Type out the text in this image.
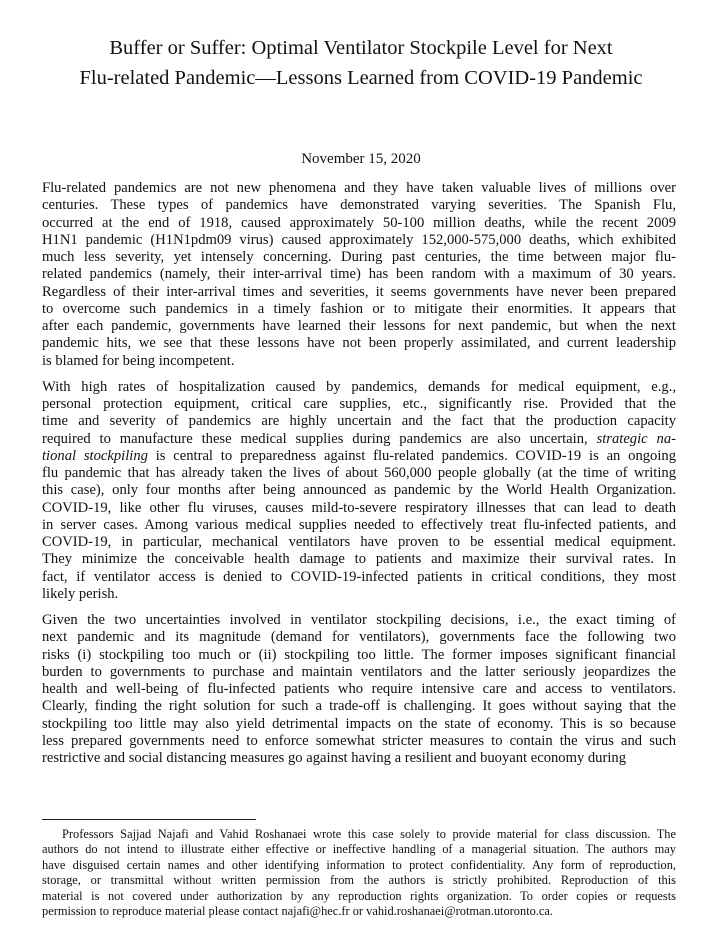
Buffer or Suffer: Optimal Ventilator Stockpile Level for Next
Flu-related Pandemic—Lessons Learned from COVID-19 Pandemic
November 15, 2020
Flu-related pandemics are not new phenomena and they have taken valuable lives of millions over
centuries. These types of pandemics have demonstrated varying severities. The Spanish Flu,
occurred at the end of 1918, caused approximately 50-100 million deaths, while the recent 2009
H1N1 pandemic (H1N1pdm09 virus) caused approximately 152,000-575,000 deaths, which exhibited
much less severity, yet intensely concerning. During past centuries, the time between major flu-
related pandemics (namely, their inter-arrival time) has been random with a maximum of 30 years.
Regardless of their inter-arrival times and severities, it seems governments have never been prepared
to overcome such pandemics in a timely fashion or to mitigate their enormities. It appears that
after each pandemic, governments have learned their lessons for next pandemic, but when the next
pandemic hits, we see that these lessons have not been properly assimilated, and current leadership
is blamed for being incompetent.
With high rates of hospitalization caused by pandemics, demands for medical equipment, e.g.,
personal protection equipment, critical care supplies, etc., significantly rise. Provided that the
time and severity of pandemics are highly uncertain and the fact that the production capacity
required to manufacture these medical supplies during pandemics are also uncertain, strategic na-
tional stockpiling is central to preparedness against flu-related pandemics. COVID-19 is an ongoing
flu pandemic that has already taken the lives of about 560,000 people globally (at the time of writing
this case), only four months after being announced as pandemic by the World Health Organization.
COVID-19, like other flu viruses, causes mild-to-severe respiratory illnesses that can lead to death
in server cases. Among various medical supplies needed to effectively treat flu-infected patients, and
COVID-19, in particular, mechanical ventilators have proven to be essential medical equipment.
They minimize the conceivable health damage to patients and maximize their survival rates. In
fact, if ventilator access is denied to COVID-19-infected patients in critical conditions, they most
likely perish.
Given the two uncertainties involved in ventilator stockpiling decisions, i.e., the exact timing of
next pandemic and its magnitude (demand for ventilators), governments face the following two
risks (i) stockpiling too much or (ii) stockpiling too little. The former imposes significant financial
burden to governments to purchase and maintain ventilators and the latter seriously jeopardizes the
health and well-being of flu-infected patients who require intensive care and access to ventilators.
Clearly, finding the right solution for such a trade-off is challenging. It goes without saying that the
stockpiling too little may also yield detrimental impacts on the state of economy. This is so because
less prepared governments need to enforce somewhat stricter measures to contain the virus and such
restrictive and social distancing measures go against having a resilient and buoyant economy during
Professors Sajjad Najafi and Vahid Roshanaei wrote this case solely to provide material for class discussion. The
authors do not intend to illustrate either effective or ineffective handling of a managerial situation. The authors may
have disguised certain names and other identifying information to protect confidentiality. Any form of reproduction,
storage, or transmittal without written permission from the authors is strictly prohibited. Reproduction of this
material is not covered under authorization by any reproduction rights organization. To order copies or requests
permission to reproduce material please contact najafi@hec.fr or vahid.roshanaei@rotman.utoronto.ca.
